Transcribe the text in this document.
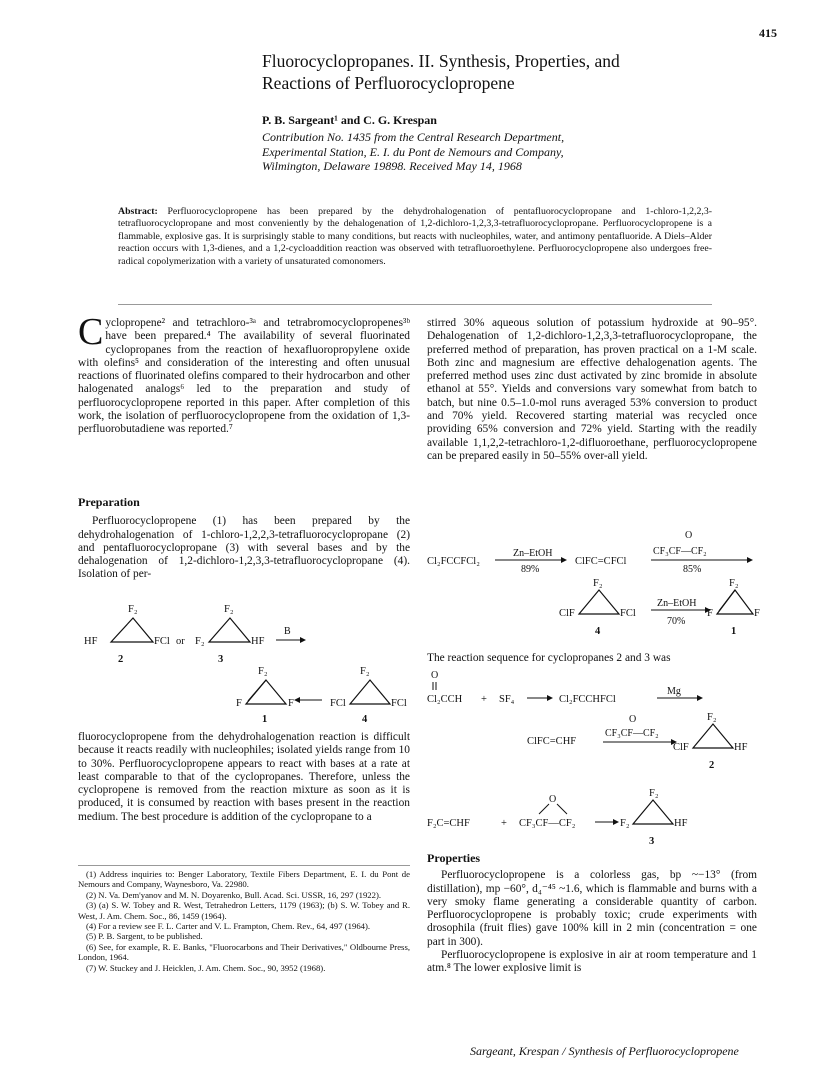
415
Fluorocyclopropanes. II. Synthesis, Properties, and
Reactions of Perfluorocyclopropene
P. B. Sargeant¹ and C. G. Krespan
Contribution No. 1435 from the Central Research Department,
Experimental Station, E. I. du Pont de Nemours and Company,
Wilmington, Delaware 19898. Received May 14, 1968
Abstract: Perfluorocyclopropene has been prepared by the dehydrohalogenation of pentafluorocyclopropane and 1-chloro-1,2,2,3-tetrafluorocyclopropane and most conveniently by the dehalogenation of 1,2-dichloro-1,2,3,3-tetrafluorocyclopropane. Perfluorocyclopropene is a flammable, explosive gas. It is surprisingly stable to many conditions, but reacts with nucleophiles, water, and antimony pentafluoride. A Diels–Alder reaction occurs with 1,3-dienes, and a 1,2-cycloaddition reaction was observed with tetrafluoroethylene. Perfluorocyclopropene also undergoes free-radical copolymerization with a variety of unsaturated comonomers.

Cyclopropene² and tetrachloro-³ᵃ and tetrabromocyclopropenes³ᵇ have been prepared.⁴ The availability of several fluorinated cyclopropanes from the reaction of hexafluoropropylene oxide with olefins⁵ and consideration of the interesting and often unusual reactions of fluorinated olefins compared to their hydrocarbon and other halogenated analogs⁶ led to the preparation and study of perfluorocyclopropene reported in this paper. After completion of this work, the isolation of perfluorocyclopropene from the oxidation of 1,3-perfluorobutadiene was reported.⁷

Preparation

Perfluorocyclopropene (1) has been prepared by the dehydrohalogenation of 1-chloro-1,2,2,3-tetrafluorocyclopropane (2) and pentafluorocyclopropane (3) with several bases and by the dehalogenation of 1,2-dichloro-1,2,3,3-tetrafluorocyclopropane (4). Isolation of per-

F₂
HF	FCl
2
or
F₂
F₂	HF
3
B
F₂
F	F
1
F₂
FCl	FCl
4

fluorocyclopropene from the dehydrohalogenation reaction is difficult because it reacts readily with nucleophiles; isolated yields range from 10 to 30%. Perfluorocyclopropene appears to react with bases at a rate at least comparable to that of the cyclopropanes. Therefore, unless the cyclopropene is removed from the reaction mixture as soon as it is produced, it is consumed by reaction with bases present in the reaction medium. The best procedure is addition of the cyclopropane to a

(1) Address inquiries to: Benger Laboratory, Textile Fibers Department, E. I. du Pont de Nemours and Company, Waynesboro, Va. 22980.

(2) N. Va. Dem'yanov and M. N. Doyarenko, Bull. Acad. Sci. USSR, 16, 297 (1922).

(3) (a) S. W. Tobey and R. West, Tetrahedron Letters, 1179 (1963); (b) S. W. Tobey and R. West, J. Am. Chem. Soc., 86, 1459 (1964).

(4) For a review see F. L. Carter and V. L. Frampton, Chem. Rev., 64, 497 (1964).

(5) P. B. Sargent, to be published.

(6) See, for example, R. E. Banks, "Fluorocarbons and Their Derivatives," Oldbourne Press, London, 1964.

(7) W. Stuckey and J. Heicklen, J. Am. Chem. Soc., 90, 3952 (1968).

stirred 30% aqueous solution of potassium hydroxide at 90–95°. Dehalogenation of 1,2-dichloro-1,2,3,3-tetrafluorocyclopropane, the preferred method of preparation, has proven practical on a 1-M scale. Both zinc and magnesium are effective dehalogenation agents. The preferred method uses zinc dust activated by zinc bromide in absolute ethanol at 55°. Yields and conversions vary somewhat from batch to batch, but nine 0.5–1.0-mol runs averaged 53% conversion to product and 70% yield. Recovered starting material was recycled once providing 65% conversion and 72% yield. Starting with the readily available 1,1,2,2-tetrachloro-1,2-difluoroethane, perfluorocyclopropene can be prepared easily in 50–55% over-all yield.

Cl₂FCCFCl₂
Zn–EtOH
89%
ClFC=CFCl
O
CF₃CF—CF₂
85%
F₂
ClF	FCl
4
Zn–EtOH
70%
F₂
F	F
1

The reaction sequence for cyclopropanes 2 and 3 was

O
Cl₂CCH + SF₄	Cl₂FCCHFCl
Mg
ClFC=CHF
O
CF₃CF—CF₂
F₂
ClF	HF
2
F₂C=CHF	+
O
CF₃CF—CF₂
F₂
F₂	HF
3

Properties

Perfluorocyclopropene is a colorless gas, bp ~−13° (from distillation), mp −60°, d₄⁻⁴⁵ ~1.6, which is flammable and burns with a very smoky flame generating a considerable quantity of carbon. Perfluorocyclopropene is probably toxic; crude experiments with drosophila (fruit flies) gave 100% kill in 2 min (concentration = one part in 300).

Perfluorocyclopropene is explosive in air at room temperature and 1 atm.⁸ The lower explosive limit is

Sargeant, Krespan / Synthesis of Perfluorocyclopropene
